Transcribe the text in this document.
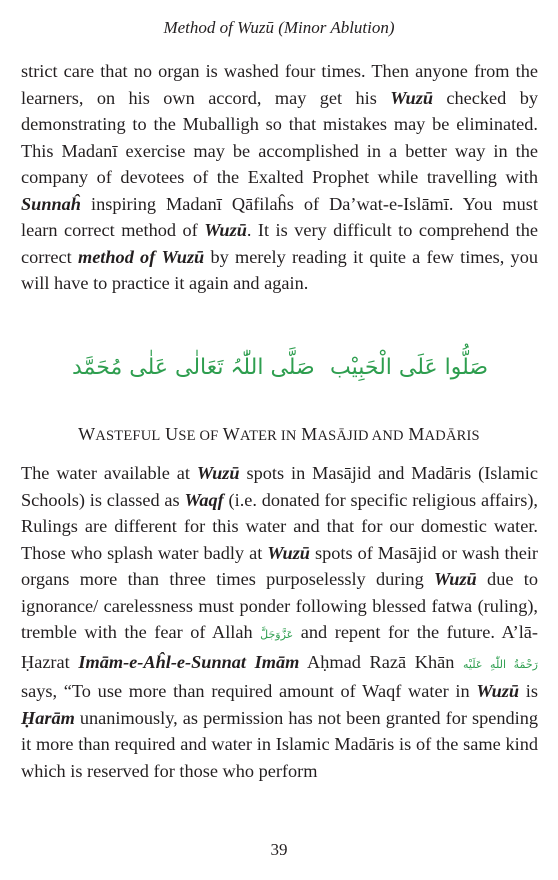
Method of Wuzū (Minor Ablution)

strict care that no organ is washed four times. Then anyone from the learners, on his own accord, may get his Wuzū checked by demonstrating to the Muballigh so that mistakes may be eliminated. This Madanī exercise may be accomplished in a better way in the company of devotees of the Exalted Prophet while travelling with Sunnaĥ inspiring Madanī Qāfilaĥs of Da’wat-e-Islāmī. You must learn correct method of Wuzū. It is very difficult to comprehend the correct method of Wuzū by merely reading it quite a few times, you will have to practice it again and again.

صَلَّی اللّٰہُ تَعَالٰی عَلٰی مُحَمَّد صَلُّوا عَلَی الْحَبِیْب
WASTEFUL USE OF WATER IN MASĀJID AND MADĀRIS

The water available at Wuzū spots in Masājid and Madāris (Islamic Schools) is classed as Waqf (i.e. donated for specific religious affairs), Rulings are different for this water and that for our domestic water. Those who splash water badly at Wuzū spots of Masājid or wash their organs more than three times purposelessly during Wuzū due to ignorance/ carelessness must ponder following blessed fatwa (ruling), tremble with the fear of Allah عَزَّوَجَلَّ and repent for the future. A’lā-Ḥazrat Imām-e-Aĥl-e-Sunnat Imām Aḥmad Razā Khān رَحْمَةُ اللّٰهِ عَلَيْه says, “To use more than required amount of Waqf water in Wuzū is Ḥarām unanimously, as permission has not been granted for spending it more than required and water in Islamic Madāris is of the same kind which is reserved for those who perform

39
